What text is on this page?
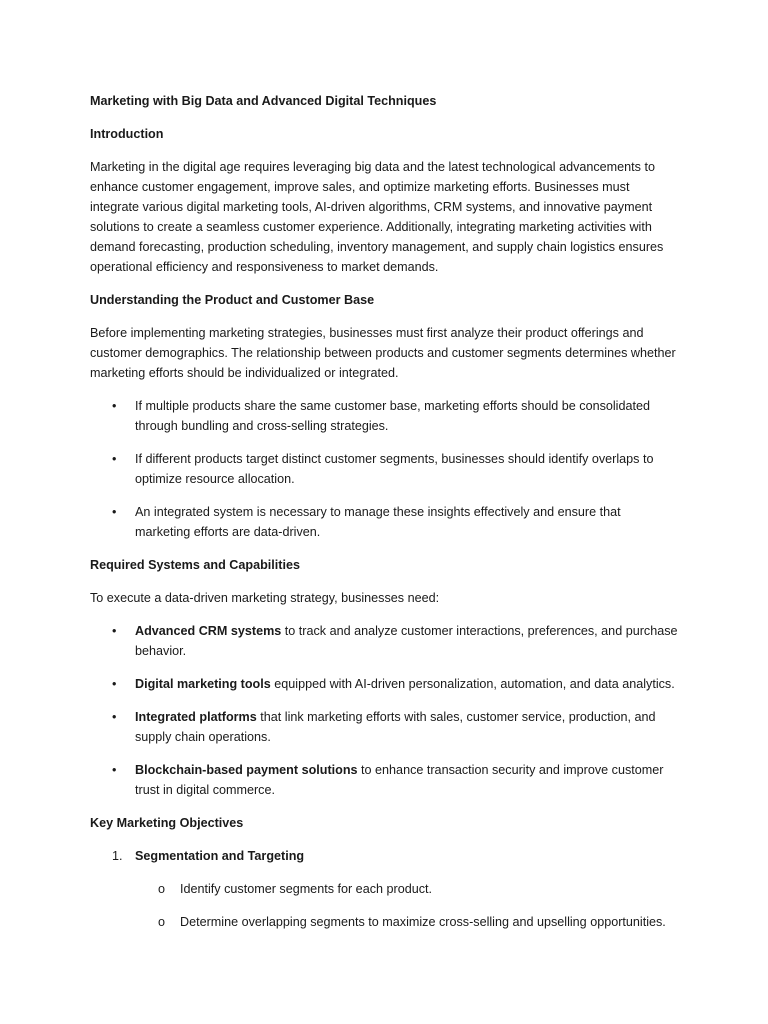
Marketing with Big Data and Advanced Digital Techniques
Introduction

Marketing in the digital age requires leveraging big data and the latest technological advancements to enhance customer engagement, improve sales, and optimize marketing efforts. Businesses must integrate various digital marketing tools, AI-driven algorithms, CRM systems, and innovative payment solutions to create a seamless customer experience. Additionally, integrating marketing activities with demand forecasting, production scheduling, inventory management, and supply chain logistics ensures operational efficiency and responsiveness to market demands.

Understanding the Product and Customer Base

Before implementing marketing strategies, businesses must first analyze their product offerings and customer demographics. The relationship between products and customer segments determines whether marketing efforts should be individualized or integrated.

• If multiple products share the same customer base, marketing efforts should be consolidated through bundling and cross-selling strategies.
• If different products target distinct customer segments, businesses should identify overlaps to optimize resource allocation.
• An integrated system is necessary to manage these insights effectively and ensure that marketing efforts are data-driven.
Required Systems and Capabilities

To execute a data-driven marketing strategy, businesses need:

• Advanced CRM systems to track and analyze customer interactions, preferences, and purchase behavior.
• Digital marketing tools equipped with AI-driven personalization, automation, and data analytics.
• Integrated platforms that link marketing efforts with sales, customer service, production, and supply chain operations.
• Blockchain-based payment solutions to enhance transaction security and improve customer trust in digital commerce.
Key Marketing Objectives
1. Segmentation and Targeting
o Identify customer segments for each product.
o Determine overlapping segments to maximize cross-selling and upselling opportunities.
